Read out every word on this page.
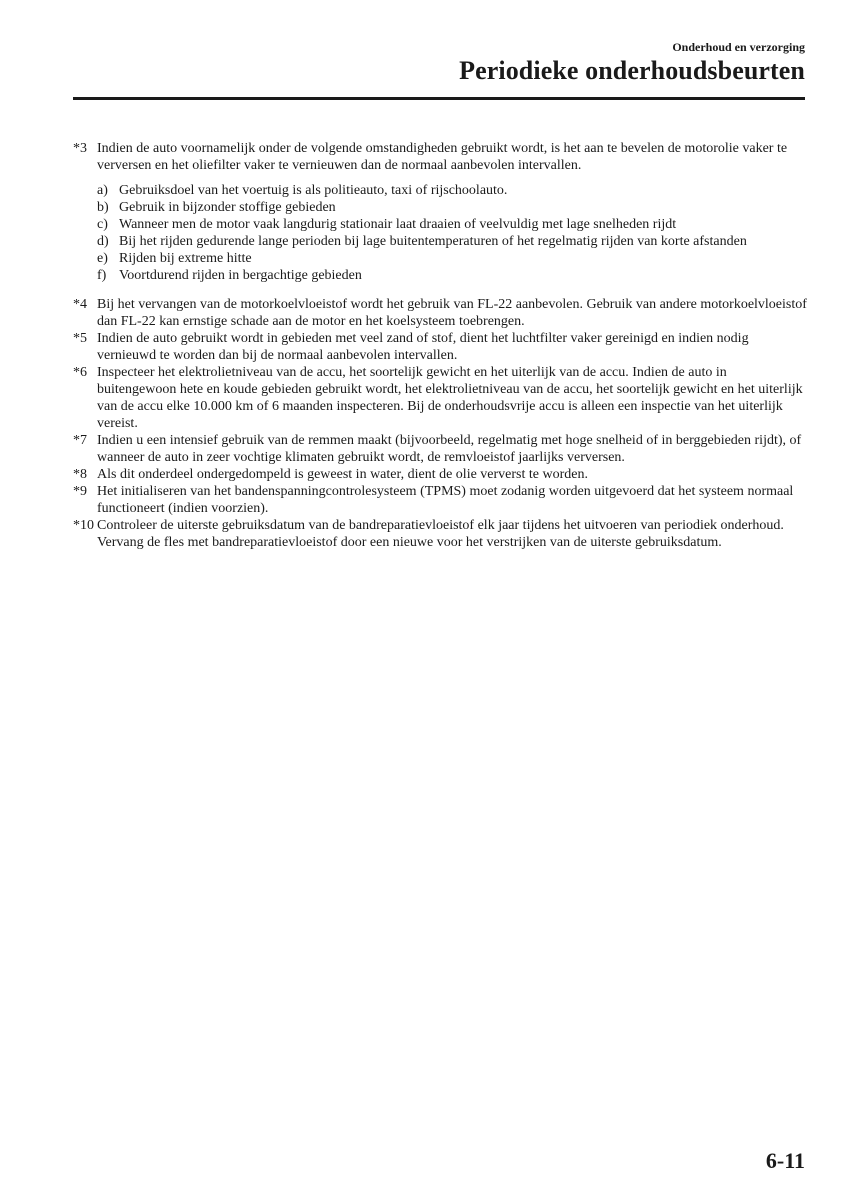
Onderhoud en verzorging
Periodieke onderhoudsbeurten
*3 Indien de auto voornamelijk onder de volgende omstandigheden gebruikt wordt, is het aan te bevelen de motorolie vaker te verversen en het oliefilter vaker te vernieuwen dan de normaal aanbevolen intervallen.
a) Gebruiksdoel van het voertuig is als politieauto, taxi of rijschoolauto.
b) Gebruik in bijzonder stoffige gebieden
c) Wanneer men de motor vaak langdurig stationair laat draaien of veelvuldig met lage snelheden rijdt
d) Bij het rijden gedurende lange perioden bij lage buitentemperaturen of het regelmatig rijden van korte afstanden
e) Rijden bij extreme hitte
f) Voortdurend rijden in bergachtige gebieden
*4 Bij het vervangen van de motorkoelvloeistof wordt het gebruik van FL-22 aanbevolen. Gebruik van andere motorkoelvloeistof dan FL-22 kan ernstige schade aan de motor en het koelsysteem toebrengen.
*5 Indien de auto gebruikt wordt in gebieden met veel zand of stof, dient het luchtfilter vaker gereinigd en indien nodig vernieuwd te worden dan bij de normaal aanbevolen intervallen.
*6 Inspecteer het elektrolietniveau van de accu, het soortelijk gewicht en het uiterlijk van de accu. Indien de auto in buitengewoon hete en koude gebieden gebruikt wordt, het elektrolietniveau van de accu, het soortelijk gewicht en het uiterlijk van de accu elke 10.000 km of 6 maanden inspecteren. Bij de onderhoudsvrije accu is alleen een inspectie van het uiterlijk vereist.
*7 Indien u een intensief gebruik van de remmen maakt (bijvoorbeeld, regelmatig met hoge snelheid of in berggebieden rijdt), of wanneer de auto in zeer vochtige klimaten gebruikt wordt, de remvloeistof jaarlijks verversen.
*8 Als dit onderdeel ondergedompeld is geweest in water, dient de olie ververst te worden.
*9 Het initialiseren van het bandenspanningcontrolesysteem (TPMS) moet zodanig worden uitgevoerd dat het systeem normaal functioneert (indien voorzien).
*10 Controleer de uiterste gebruiksdatum van de bandreparatievloeistof elk jaar tijdens het uitvoeren van periodiek onderhoud. Vervang de fles met bandreparatievloeistof door een nieuwe voor het verstrijken van de uiterste gebruiksdatum.
6-11
